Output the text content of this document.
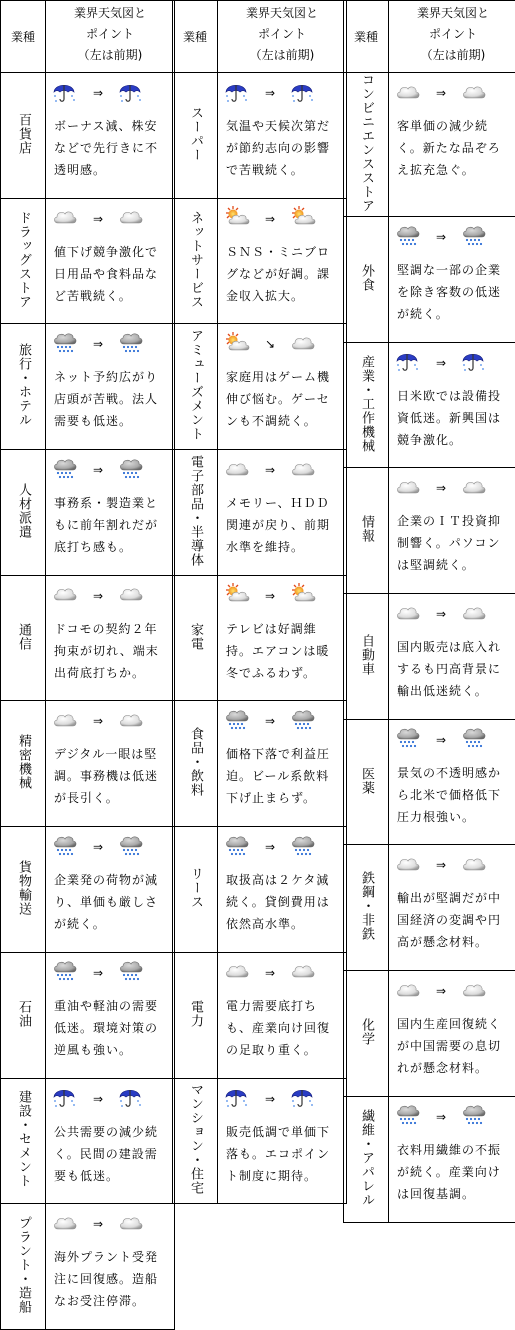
業種	業界天気図と
ポイント
（左は前期)

百貨店	⇒
ボーナス減、株安などで先行きに不透明感。

ドラッグストア	⇒
値下げ競争激化で日用品や食料品など苦戦続く。

旅行・ホテル	⇒
ネット予約広がり店頭が苦戦。法人需要も低迷。

人材派遣	⇒
事務系・製造業ともに前年割れだが底打ち感も。

通信	⇒
ドコモの契約２年拘束が切れ、端末出荷底打ちか。

精密機械	⇒
デジタル一眼は堅調。事務機は低迷が長引く。

貨物輸送	⇒
企業発の荷物が減り、単価も厳しさが続く。

石油	⇒
重油や軽油の需要低迷。環境対策の逆風も強い。

建設・セメント	⇒
公共需要の減少続く。民間の建設需要も低迷。

プラント・造船	⇒
海外プラント受発注に回復感。造船なお受注停滞。
業種	業界天気図と
ポイント
（左は前期)

スーパー	⇒
気温や天候次第だが節約志向の影響で苦戦続く。

ネットサービス	⇒
ＳＮＳ・ミニブログなどが好調。課金収入拡大。

アミューズメント	↘
家庭用はゲーム機伸び悩む。ゲーセンも不調続く。

電子部品・半導体	⇒
メモリー、ＨＤＤ関連が戻り、前期水準を維持。

家電	⇒
テレビは好調維持。エアコンは暖冬でふるわず。

食品・飲料	⇒
価格下落で利益圧迫。ビール系飲料下げ止まらず。

リース	⇒
取扱高は２ケタ減続く。貸倒費用は依然高水準。

電力	⇒
電力需要底打ちも、産業向け回復の足取り重く。

マンション・住宅	⇒
販売低調で単価下落も。エコポイント制度に期待。
業種	業界天気図と
ポイント
（左は前期)

コンビニエンスストア	⇒
客単価の減少続く。新たな品ぞろえ拡充急ぐ。

外食	⇒
堅調な一部の企業を除き客数の低迷が続く。

産業・工作機械	⇒
日米欧では設備投資低迷。新興国は競争激化。

情報	⇒
企業のＩＴ投資抑制響く。パソコンは堅調続く。

自動車	⇒
国内販売は底入れするも円高背景に輸出低迷続く。

医薬	⇒
景気の不透明感から北米で価格低下圧力根強い。

鉄鋼・非鉄	⇒
輸出が堅調だが中国経済の変調や円高が懸念材料。

化学	⇒
国内生産回復続くが中国需要の息切れが懸念材料。

繊維・アパレル	⇒
衣料用繊維の不振が続く。産業向けは回復基調。
